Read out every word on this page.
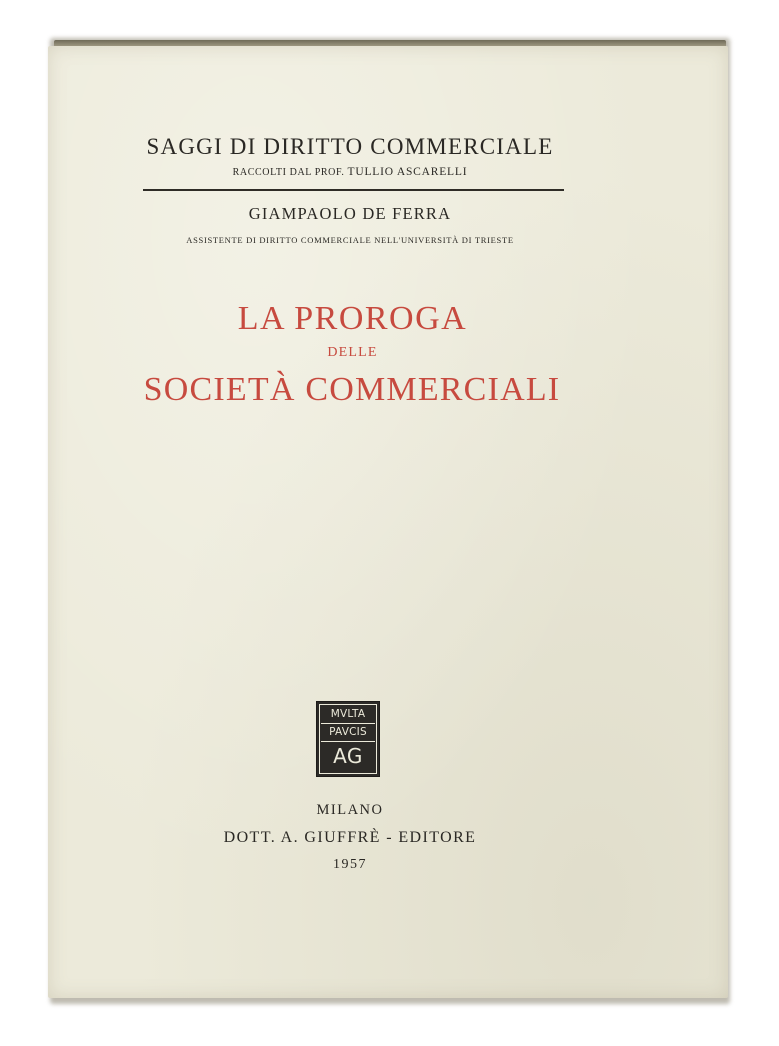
SAGGI DI DIRITTO COMMERCIALE
RACCOLTI DAL PROF. TULLIO ASCARELLI
GIAMPAOLO DE FERRA
ASSISTENTE DI DIRITTO COMMERCIALE NELL'UNIVERSITÀ DI TRIESTE
LA PROROGA
DELLE
SOCIETÀ COMMERCIALI
MVLTA
PAVCIS
AG
MILANO
DOTT. A. GIUFFRÈ - EDITORE
1957
